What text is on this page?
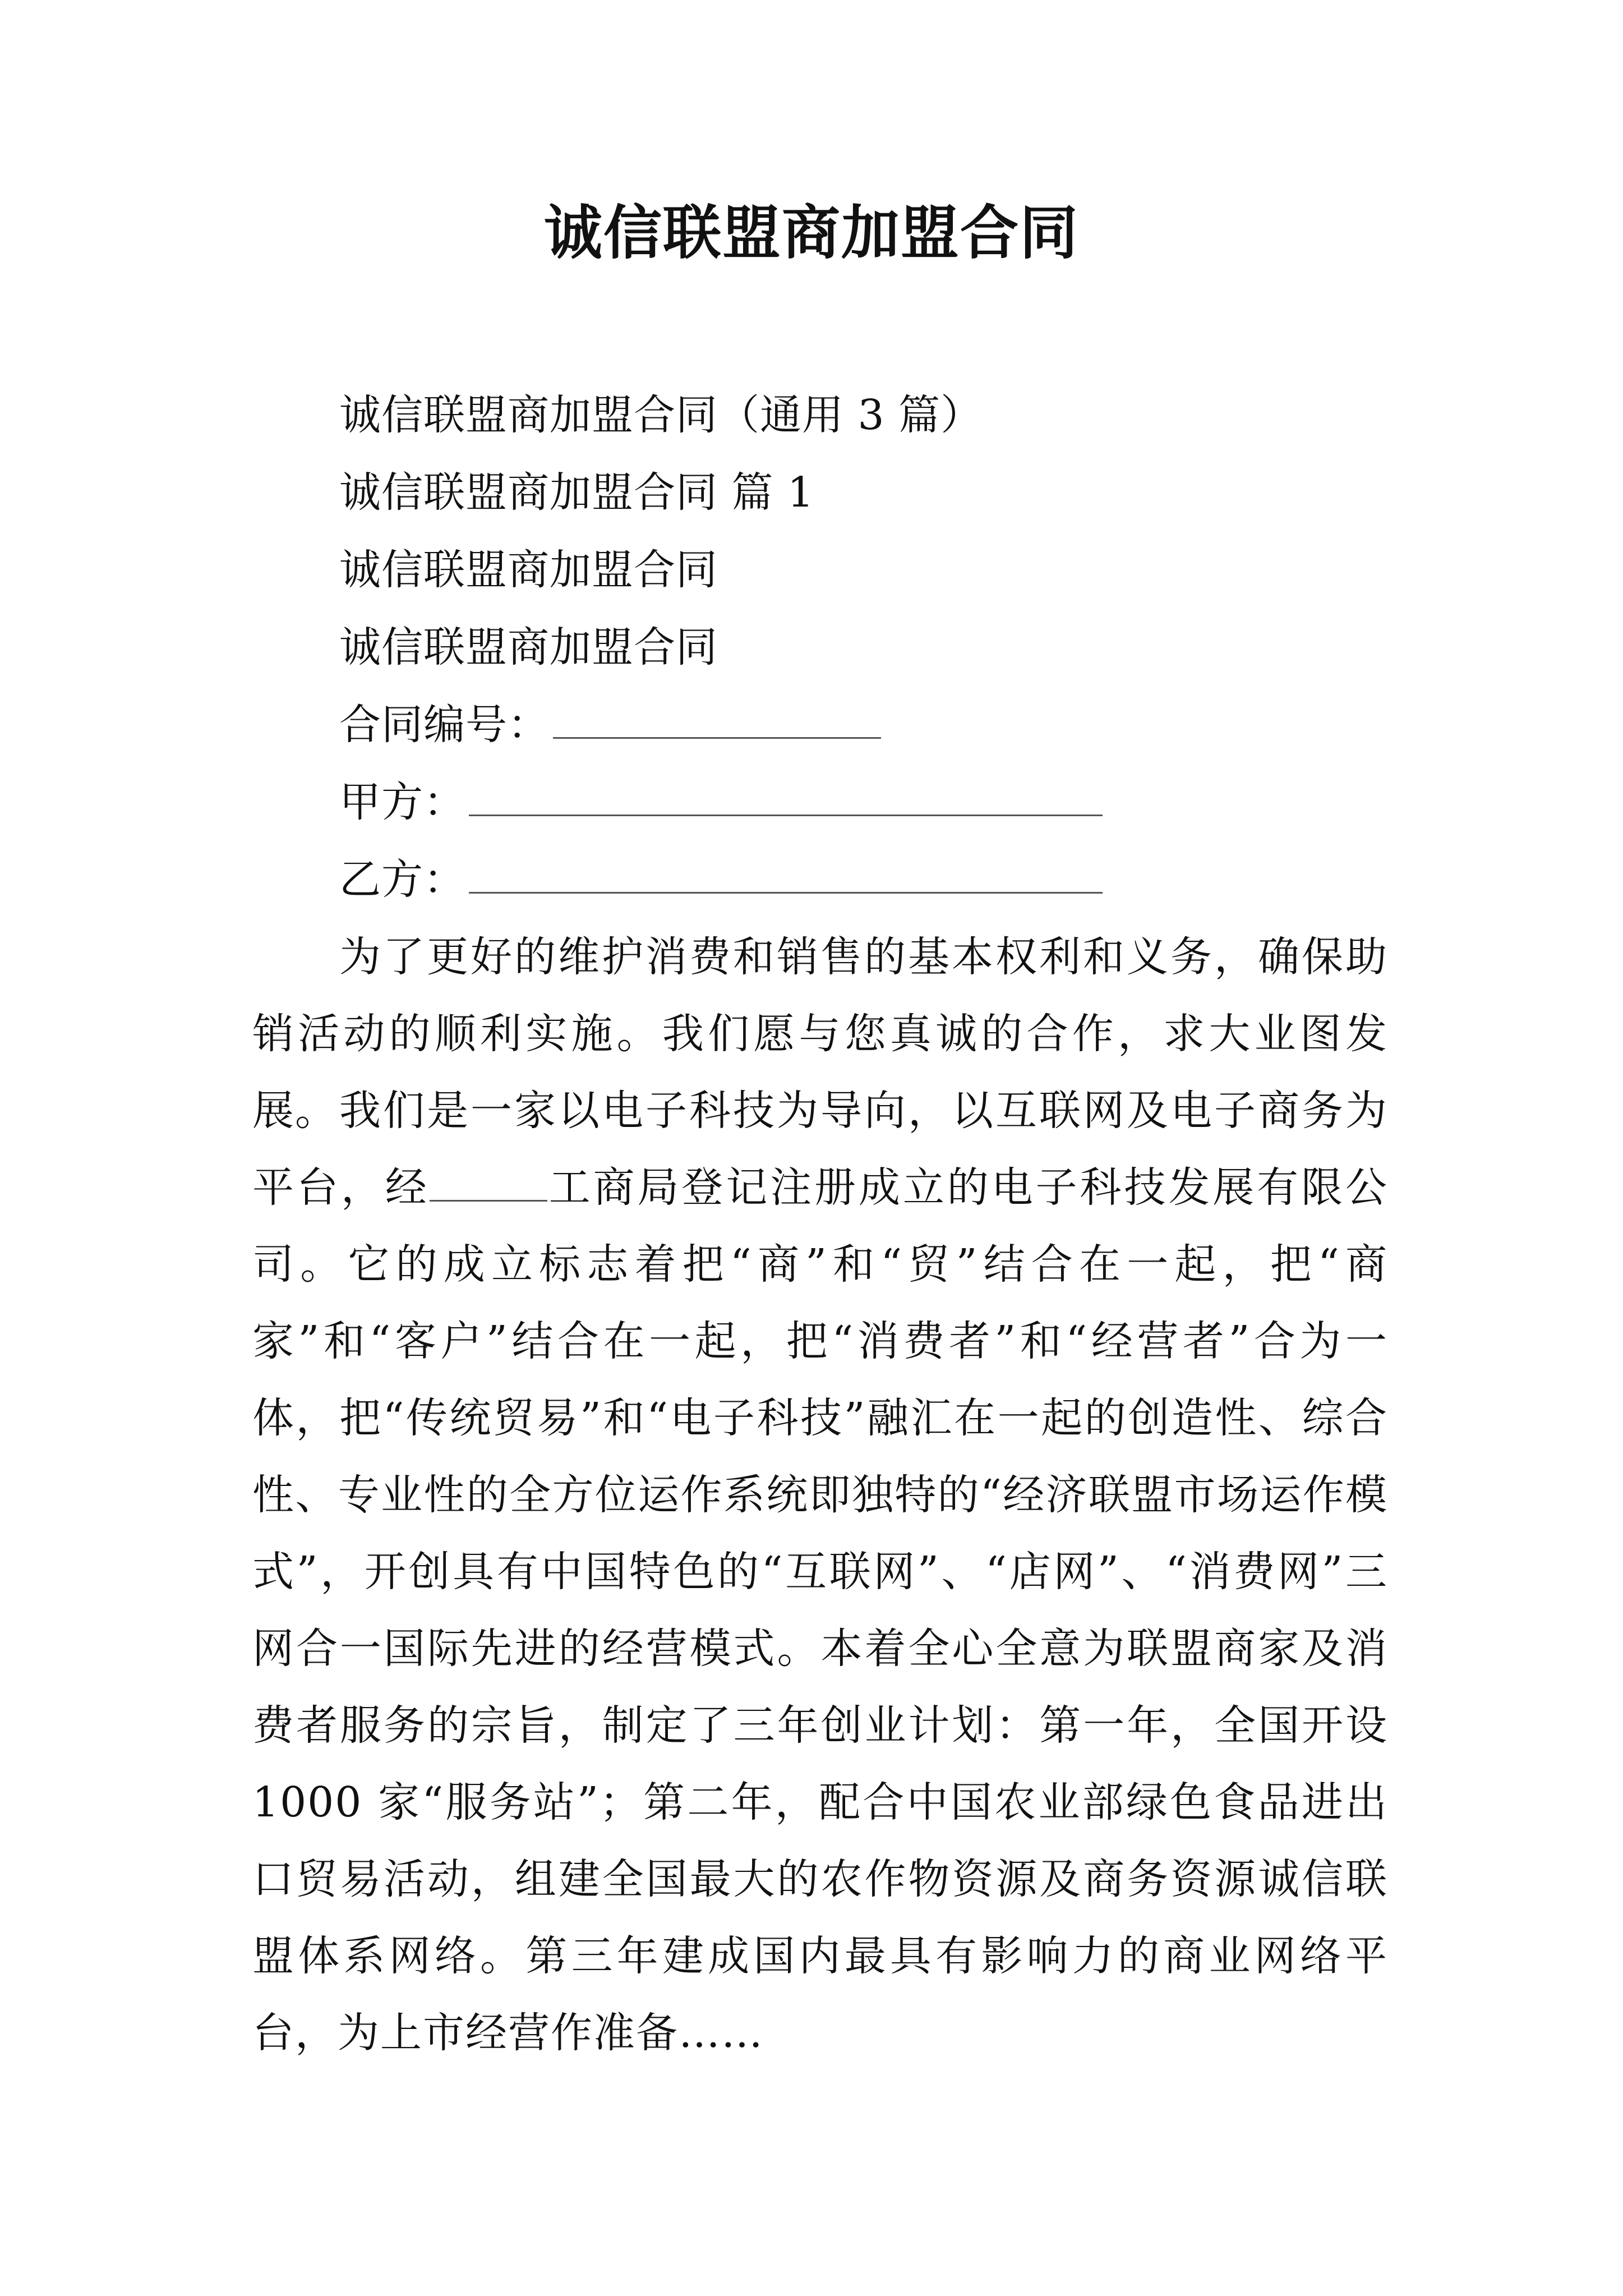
诚信联盟商加盟合同
诚信联盟商加盟合同（通用 3 篇）
诚信联盟商加盟合同 篇 1
诚信联盟商加盟合同
诚信联盟商加盟合同
合同编号：
甲方：
乙方：
为了更好的维护消费和销售的基本权利和义务，确保助销活动的顺利实施。我们愿与您真诚的合作，求大业图发展。 我们是一家以电子科技为导向，以互联网及电子商务为平台，经	工商局登记注册成立的电子科技发展有限公司。它的成立标志着把“商”和“贸”结合在一起，把“商家”和“客户”结合在一起，把“消费者”和“经营者”合为一体，把“传统贸易”和“电子科技”融汇在一起的创造性、综合性、专业性的全方位运作系统即独特的“经济联盟市场运作模式”，开创具有中国特色的“互联网”、“店网”、“消费网”三网合一国际先进的经营模式。本着全心全意为联盟商家及消费者服务的宗旨，制定了三年创业计划：第一年，全国开设 1000 家“服务站”；第二年，配合中国农业部绿色食品进出口贸易活动，组建全国最大的农作物资源及商务资源诚信联盟体系网络。第三年建成国内最具有影响力的商业网络平台，为上市经营作准备……
